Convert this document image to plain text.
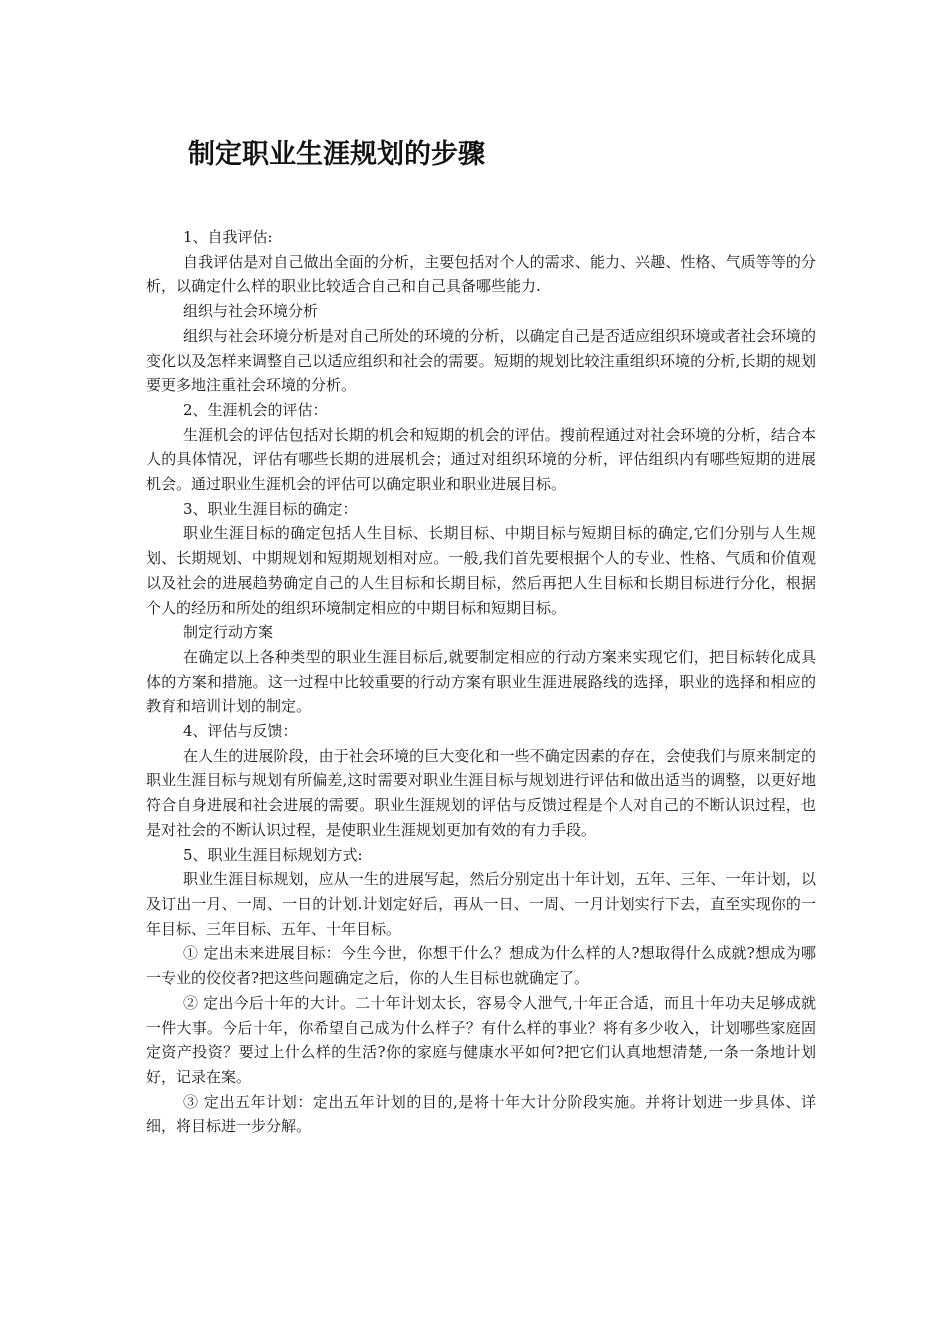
制定职业生涯规划的步骤

1、自我评估:

自我评估是对自己做出全面的分析，主要包括对个人的需求、能力、兴趣、性格、气质等等的分析，以确定什么样的职业比较适合自己和自己具备哪些能力.

组织与社会环境分析

组织与社会环境分析是对自己所处的环境的分析，以确定自己是否适应组织环境或者社会环境的变化以及怎样来调整自己以适应组织和社会的需要。短期的规划比较注重组织环境的分析,长期的规划要更多地注重社会环境的分析。

2、生涯机会的评估：

生涯机会的评估包括对长期的机会和短期的机会的评估。搜前程通过对社会环境的分析，结合本人的具体情况，评估有哪些长期的进展机会；通过对组织环境的分析，评估组织内有哪些短期的进展机会。通过职业生涯机会的评估可以确定职业和职业进展目标。

3、职业生涯目标的确定：

职业生涯目标的确定包括人生目标、长期目标、中期目标与短期目标的确定,它们分别与人生规划、长期规划、中期规划和短期规划相对应。一般,我们首先要根据个人的专业、性格、气质和价值观以及社会的进展趋势确定自己的人生目标和长期目标，然后再把人生目标和长期目标进行分化，根据个人的经历和所处的组织环境制定相应的中期目标和短期目标。

制定行动方案

在确定以上各种类型的职业生涯目标后,就要制定相应的行动方案来实现它们，把目标转化成具体的方案和措施。这一过程中比较重要的行动方案有职业生涯进展路线的选择，职业的选择和相应的教育和培训计划的制定。

4、评估与反馈：

在人生的进展阶段，由于社会环境的巨大变化和一些不确定因素的存在，会使我们与原来制定的职业生涯目标与规划有所偏差,这时需要对职业生涯目标与规划进行评估和做出适当的调整，以更好地符合自身进展和社会进展的需要。职业生涯规划的评估与反馈过程是个人对自己的不断认识过程，也是对社会的不断认识过程，是使职业生涯规划更加有效的有力手段。

5、职业生涯目标规划方式:

职业生涯目标规划，应从一生的进展写起，然后分别定出十年计划，五年、三年、一年计划，以及订出一月、一周、一日的计划.计划定好后，再从一日、一周、一月计划实行下去，直至实现你的一年目标、三年目标、五年、十年目标。

① 定出未来进展目标：今生今世，你想干什么？想成为什么样的人?想取得什么成就?想成为哪一专业的佼佼者?把这些问题确定之后，你的人生目标也就确定了。

② 定出今后十年的大计。二十年计划太长，容易令人泄气,十年正合适，而且十年功夫足够成就一件大事。今后十年，你希望自己成为什么样子？有什么样的事业？将有多少收入，计划哪些家庭固定资产投资？要过上什么样的生活?你的家庭与健康水平如何?把它们认真地想清楚,一条一条地计划好，记录在案。

③ 定出五年计划：定出五年计划的目的,是将十年大计分阶段实施。并将计划进一步具体、详细，将目标进一步分解。
